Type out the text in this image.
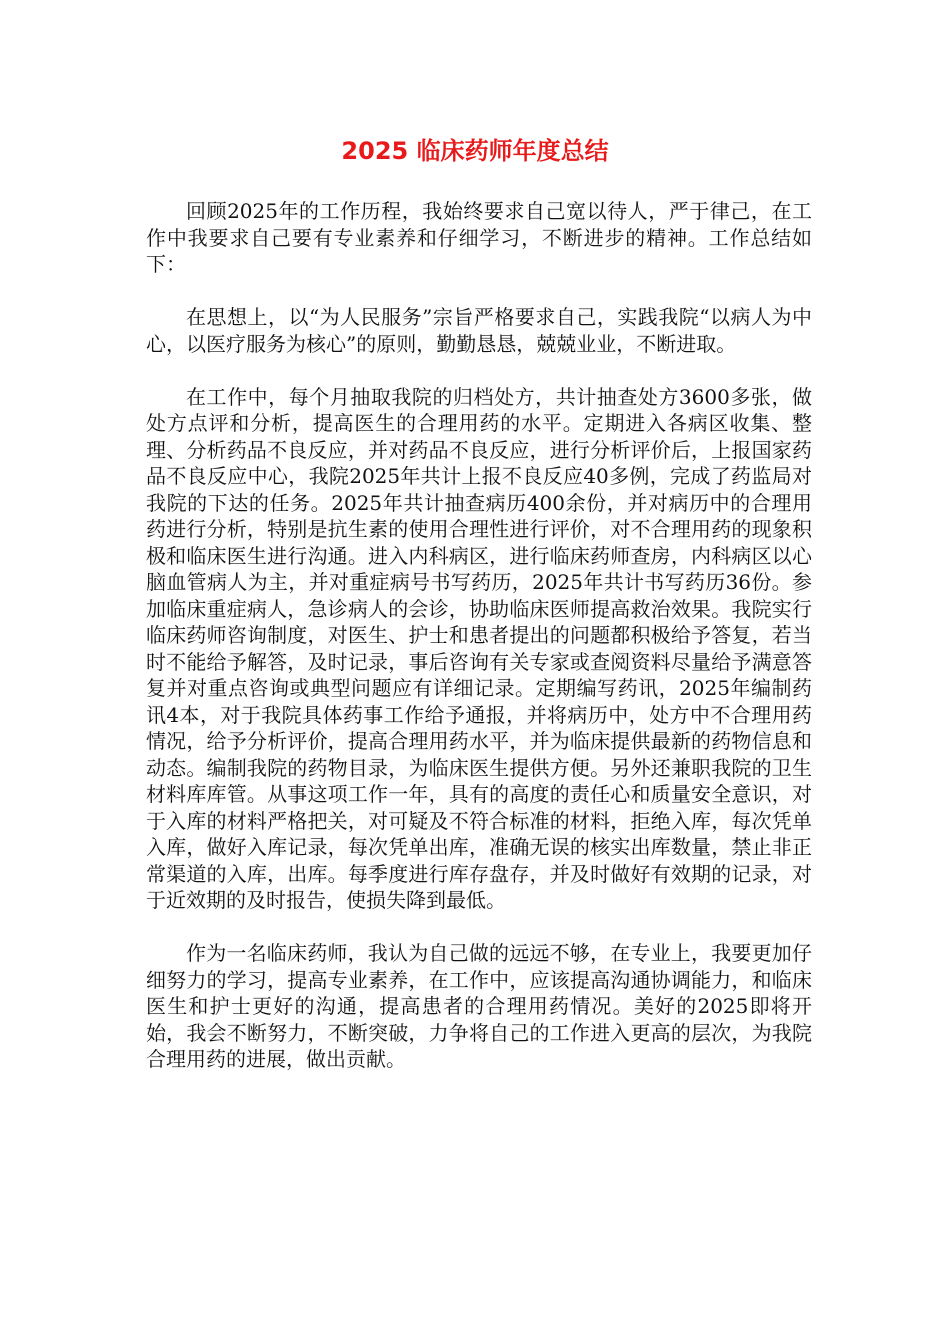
2025 临床药师年度总结

回顾2025年的工作历程，我始终要求自己宽以待人，严于律己，在工作中我要求自己要有专业素养和仔细学习，不断进步的精神。工作总结如下：

在思想上，以“为人民服务”宗旨严格要求自己，实践我院“以病人为中心，以医疗服务为核心”的原则，勤勤恳恳，兢兢业业，不断进取。

在工作中，每个月抽取我院的归档处方，共计抽查处方3600多张，做处方点评和分析，提高医生的合理用药的水平。定期进入各病区收集、整理、分析药品不良反应，并对药品不良反应，进行分析评价后，上报国家药品不良反应中心，我院2025年共计上报不良反应40多例，完成了药监局对我院的下达的任务。2025年共计抽查病历400余份，并对病历中的合理用药进行分析，特别是抗生素的使用合理性进行评价，对不合理用药的现象积极和临床医生进行沟通。进入内科病区，进行临床药师查房，内科病区以心脑血管病人为主，并对重症病号书写药历，2025年共计书写药历36份。参加临床重症病人，急诊病人的会诊，协助临床医师提高救治效果。我院实行临床药师咨询制度，对医生、护士和患者提出的问题都积极给予答复，若当时不能给予解答，及时记录，事后咨询有关专家或查阅资料尽量给予满意答复并对重点咨询或典型问题应有详细记录。定期编写药讯，2025年编制药讯4本，对于我院具体药事工作给予通报，并将病历中，处方中不合理用药情况，给予分析评价，提高合理用药水平，并为临床提供最新的药物信息和动态。编制我院的药物目录，为临床医生提供方便。另外还兼职我院的卫生材料库库管。从事这项工作一年，具有的高度的责任心和质量安全意识，对于入库的材料严格把关，对可疑及不符合标准的材料，拒绝入库，每次凭单入库，做好入库记录，每次凭单出库，准确无误的核实出库数量，禁止非正常渠道的入库，出库。每季度进行库存盘存，并及时做好有效期的记录，对于近效期的及时报告，使损失降到最低。

作为一名临床药师，我认为自己做的远远不够，在专业上，我要更加仔细努力的学习，提高专业素养，在工作中，应该提高沟通协调能力，和临床医生和护士更好的沟通，提高患者的合理用药情况。美好的2025即将开始，我会不断努力，不断突破，力争将自己的工作进入更高的层次，为我院合理用药的进展，做出贡献。
